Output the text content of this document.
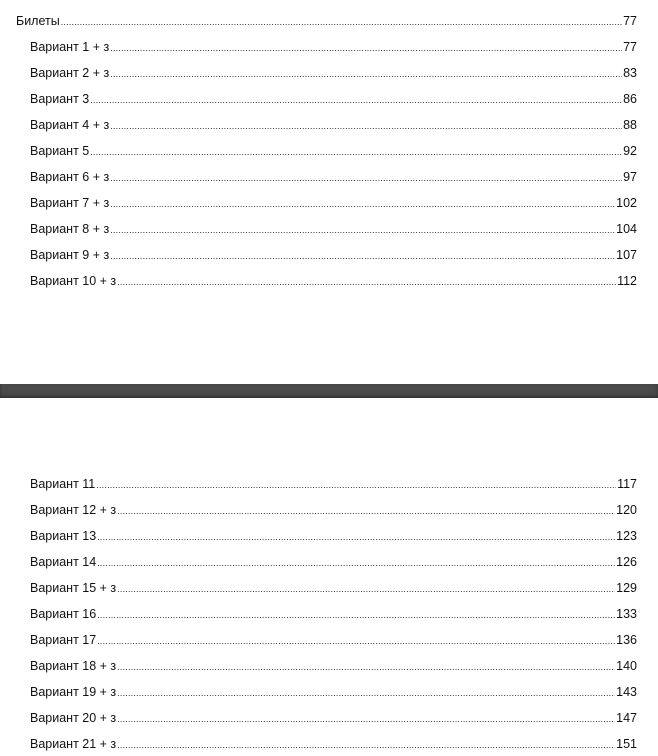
Билеты .....	77
Вариант 1 + з .....	77
Вариант 2 + з .....	83
Вариант 3 .....	86
Вариант 4 + з .....	88
Вариант 5 .....	92
Вариант 6 + з .....	97
Вариант 7 + з .....	102
Вариант 8 + з .....	104
Вариант 9 + з .....	107
Вариант 10 + з .....	112
Вариант 11 .....	117
Вариант 12 + з .....	120
Вариант 13 .....	123
Вариант 14 .....	126
Вариант 15 + з .....	129
Вариант 16 .....	133
Вариант 17 .....	136
Вариант 18 + з .....	140
Вариант 19 + з .....	143
Вариант 20 + з .....	147
Вариант 21 + з .....	151
